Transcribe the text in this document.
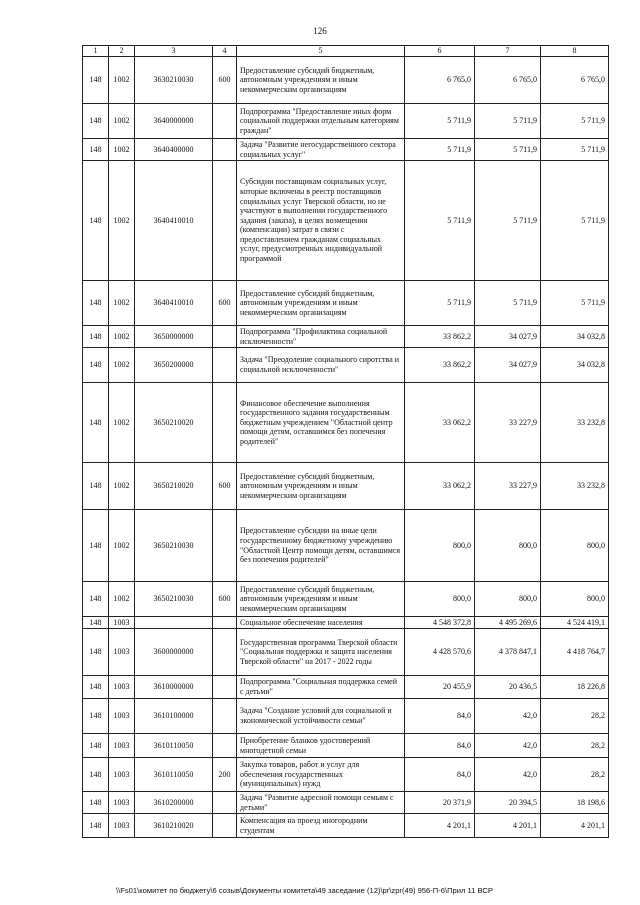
126
1	2	3	4	5	6	7	8
148	1002	3630210030	600	Предоставление субсидий бюджетным, автономным учреждениям и иным некоммерческим организациям	6 765,0	6 765,0	6 765,0
148	1002	3640000000		Подпрограмма "Предоставление иных форм социальной поддержки отдельным категориям граждан"	5 711,9	5 711,9	5 711,9
148	1002	3640400000		Задача "Развитие негосударственного сектора социальных услуг"	5 711,9	5 711,9	5 711,9
148	1002	3640410010		Субсидии поставщикам социальных услуг, которые включены в реестр поставщиков социальных услуг Тверской области, но не участвуют в выполнении государственного задания (заказа), в целях возмещения (компенсации) затрат в связи с предоставлением гражданам социальных услуг, предусмотренных индивидуальной программой	5 711,9	5 711,9	5 711,9
148	1002	3640410010	600	Предоставление субсидий бюджетным, автономным учреждениям и иным некоммерческим организациям	5 711,9	5 711,9	5 711,9
148	1002	3650000000		Подпрограмма "Профилактика социальной исключенности"	33 862,2	34 027,9	34 032,8
148	1002	3650200000		Задача "Преодоление социального сиротства и социальной исключенности"	33 862,2	34 027,9	34 032,8
148	1002	3650210020		Финансовое обеспечение выполнения государственного задания государственным бюджетным учреждением "Областной центр помощи детям, оставшимся без попечения родителей"	33 062,2	33 227,9	33 232,8
148	1002	3650210020	600	Предоставление субсидий бюджетным, автономным учреждениям и иным некоммерческим организациям	33 062,2	33 227,9	33 232,8
148	1002	3650210030		Предоставление субсидии на иные цели государственному бюджетному учреждению "Областной Центр помощи детям, оставшимся без попечения родителей"	800,0	800,0	800,0
148	1002	3650210030	600	Предоставление субсидий бюджетным, автономным учреждениям и иным некоммерческим организациям	800,0	800,0	800,0
148	1003			Социальное обеспечение населения	4 548 372,8	4 495 269,6	4 524 419,1
148	1003	3600000000		Государственная программа Тверской области "Социальная поддержка и защита населения Тверской области" на 2017 - 2022 годы	4 428 570,6	4 378 847,1	4 418 764,7
148	1003	3610000000		Подпрограмма "Социальная поддержка семей с детьми"	20 455,9	20 436,5	18 226,8
148	1003	3610100000		Задача "Создание условий для социальной и экономической устойчивости семьи"	84,0	42,0	28,2
148	1003	3610110050		Приобретение бланков удостоверений многодетной семьи	84,0	42,0	28,2
148	1003	3610110050	200	Закупка товаров, работ и услуг для обеспечения государственных (муниципальных) нужд	84,0	42,0	28,2
148	1003	3610200000		Задача "Развитие адресной помощи семьям с детьми"	20 371,9	20 394,5	18 198,6
148	1003	3610210020		Компенсация на проезд иногородним студентам	4 201,1	4 201,1	4 201,1
\\Fs01\комитет по бюджету\6 созыв\Документы комитета\49 заседание (12)\pr\zpr(49) 956-П-6\Прил 11 ВСР
